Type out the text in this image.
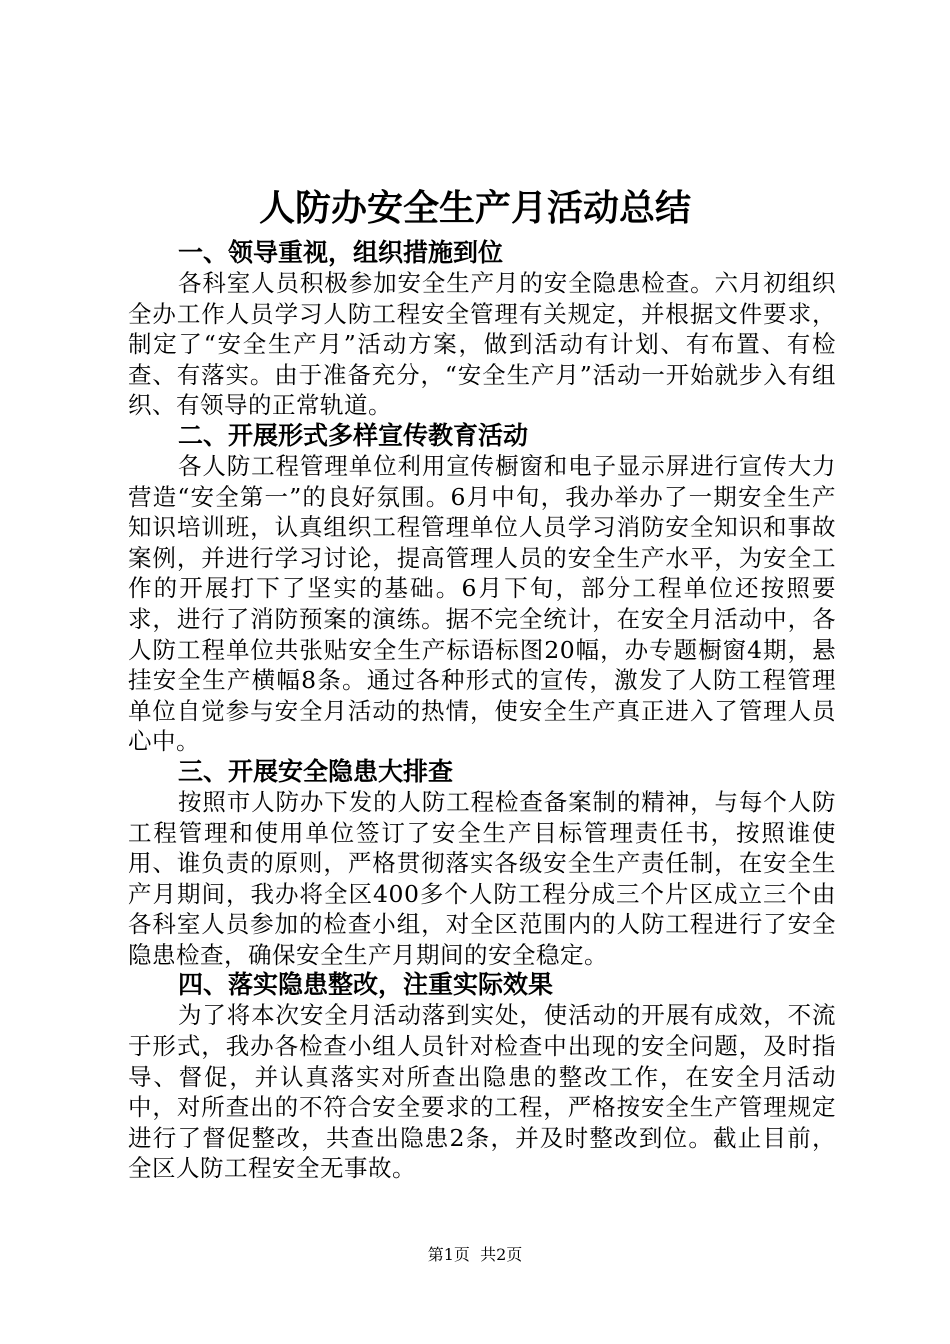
人防办安全生产月活动总结

一、领导重视，组织措施到位

各科室人员积极参加安全生产月的安全隐患检查。六月初组织全办工作人员学习人防工程安全管理有关规定，并根据文件要求，制定了“安全生产月”活动方案，做到活动有计划、有布置、有检查、有落实。由于准备充分，“安全生产月”活动一开始就步入有组织、有领导的正常轨道。

二、开展形式多样宣传教育活动

各人防工程管理单位利用宣传橱窗和电子显示屏进行宣传大力营造“安全第一”的良好氛围。6月中旬，我办举办了一期安全生产知识培训班，认真组织工程管理单位人员学习消防安全知识和事故案例，并进行学习讨论，提高管理人员的安全生产水平，为安全工作的开展打下了坚实的基础。6月下旬，部分工程单位还按照要求，进行了消防预案的演练。据不完全统计，在安全月活动中，各人防工程单位共张贴安全生产标语标图20幅，办专题橱窗4期，悬挂安全生产横幅8条。通过各种形式的宣传，激发了人防工程管理单位自觉参与安全月活动的热情，使安全生产真正进入了管理人员心中。

三、开展安全隐患大排查

按照市人防办下发的人防工程检查备案制的精神，与每个人防工程管理和使用单位签订了安全生产目标管理责任书，按照谁使用、谁负责的原则，严格贯彻落实各级安全生产责任制，在安全生产月期间，我办将全区400多个人防工程分成三个片区成立三个由各科室人员参加的检查小组，对全区范围内的人防工程进行了安全隐患检查，确保安全生产月期间的安全稳定。

四、落实隐患整改，注重实际效果

为了将本次安全月活动落到实处，使活动的开展有成效，不流于形式，我办各检查小组人员针对检查中出现的安全问题，及时指导、督促，并认真落实对所查出隐患的整改工作，在安全月活动中，对所查出的不符合安全要求的工程，严格按安全生产管理规定进行了督促整改，共查出隐患2条，并及时整改到位。截止目前，全区人防工程安全无事故。

第1页 共2页
